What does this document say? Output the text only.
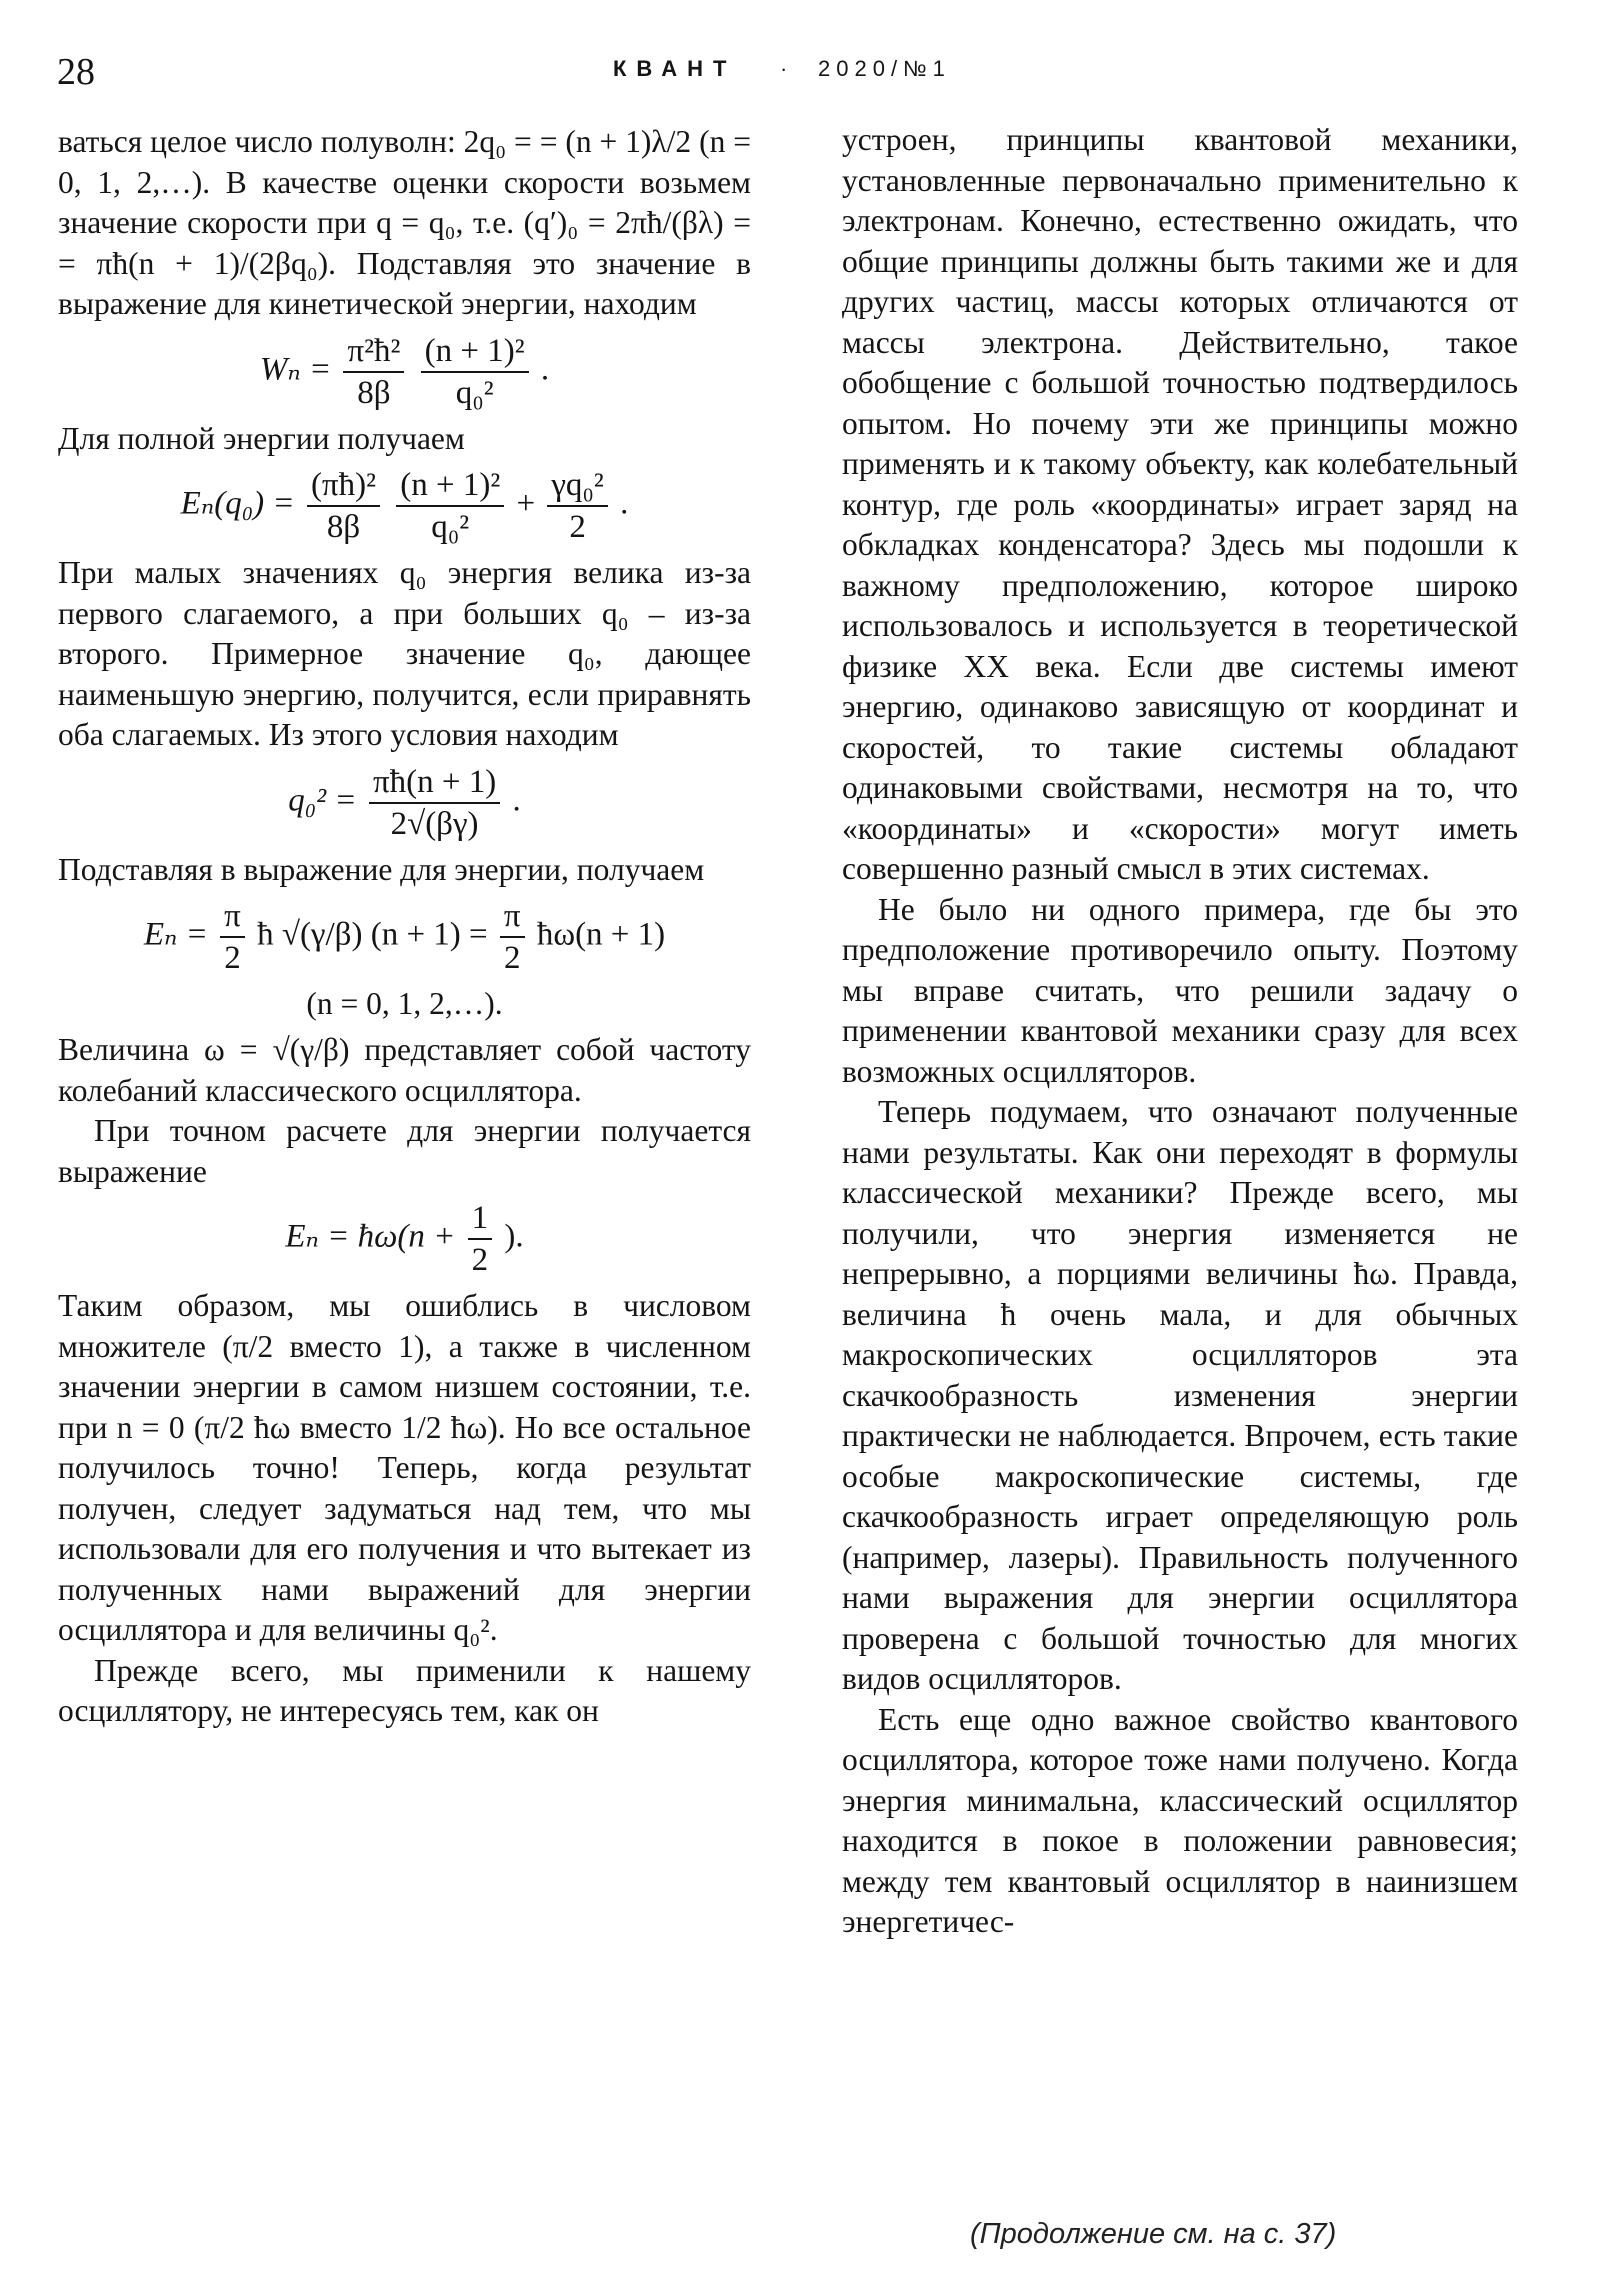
28	КВАНТ · 2020/№1

ваться целое число полуволн: 2q₀ = = (n + 1)λ/2 (n = 0, 1, 2,…). В качестве оценки скорости возьмем значение скорости при q = q₀, т.е. (q′)₀ = 2πħ/(βλ) = = πħ(n + 1)/(2βq₀). Подставляя это значение в выражение для кинетической энергии, находим

$W_n = \frac{\text{π²ħ²}}{8\beta}$
$\frac{\text{(n + 1)²}}{\text{q₀²}}$ .

Для полной энергии получаем

$E_n(q_0) = \frac{\text{(πħ)²}}{8\beta}$
$\frac{\text{(n + 1)²}}{\text{q₀²}} + \frac{\text{γq₀²}}{2}$ .

При малых значениях q₀ энергия велика из-за первого слагаемого, а при больших q₀ – из-за второго. Примерное значение q₀, дающее наименьшую энергию, получится, если приравнять оба слагаемых. Из этого условия находим

$q_0^2 = \frac{\pi ħ(n + 1)}{2√(\beta\gamma)}$ .

Подставляя в выражение для энергии, получаем

$E_n = \frac{\pi}{2}$ ħ √(γ/β) $(n + 1) = \frac{\pi}{2}$ ħω(n + 1)
(n = 0, 1, 2,…).

Величина ω = √(γ/β) представляет собой частоту колебаний классического осциллятора.

При точном расчете для энергии получается выражение

Eₙ = ħω(n + $\frac{1}{2}$ ).

Таким образом, мы ошиблись в числовом множителе (π/2 вместо 1), а также в численном значении энергии в самом низшем состоянии, т.е. при n = 0 (π/2 ħω вместо 1/2 ħω). Но все остальное получилось точно! Теперь, когда результат получен, следует задуматься над тем, что мы использовали для его получения и что вытекает из полученных нами выражений для энергии осциллятора и для величины q₀².

Прежде всего, мы применили к нашему осциллятору, не интересуясь тем, как он

устроен, принципы квантовой механики, установленные первоначально применительно к электронам. Конечно, естественно ожидать, что общие принципы должны быть такими же и для других частиц, массы которых отличаются от массы электрона. Действительно, такое обобщение с большой точностью подтвердилось опытом. Но почему эти же принципы можно применять и к такому объекту, как колебательный контур, где роль «координаты» играет заряд на обкладках конденсатора? Здесь мы подошли к важному предположению, которое широко использовалось и используется в теоретической физике XX века. Если две системы имеют энергию, одинаково зависящую от координат и скоростей, то такие системы обладают одинаковыми свойствами, несмотря на то, что «координаты» и «скорости» могут иметь совершенно разный смысл в этих системах.

Не было ни одного примера, где бы это предположение противоречило опыту. Поэтому мы вправе считать, что решили задачу о применении квантовой механики сразу для всех возможных осцилляторов.

Теперь подумаем, что означают полученные нами результаты. Как они переходят в формулы классической механики? Прежде всего, мы получили, что энергия изменяется не непрерывно, а порциями величины ħω. Правда, величина ħ очень мала, и для обычных макроскопических осцилляторов эта скачкообразность изменения энергии практически не наблюдается. Впрочем, есть такие особые макроскопические системы, где скачкообразность играет определяющую роль (например, лазеры). Правильность полученного нами выражения для энергии осциллятора проверена с большой точностью для многих видов осцилляторов.

Есть еще одно важное свойство квантового осциллятора, которое тоже нами получено. Когда энергия минимальна, классический осциллятор находится в покое в положении равновесия; между тем квантовый осциллятор в наинизшем энергетичес-

(Продолжение см. на с. 37)
